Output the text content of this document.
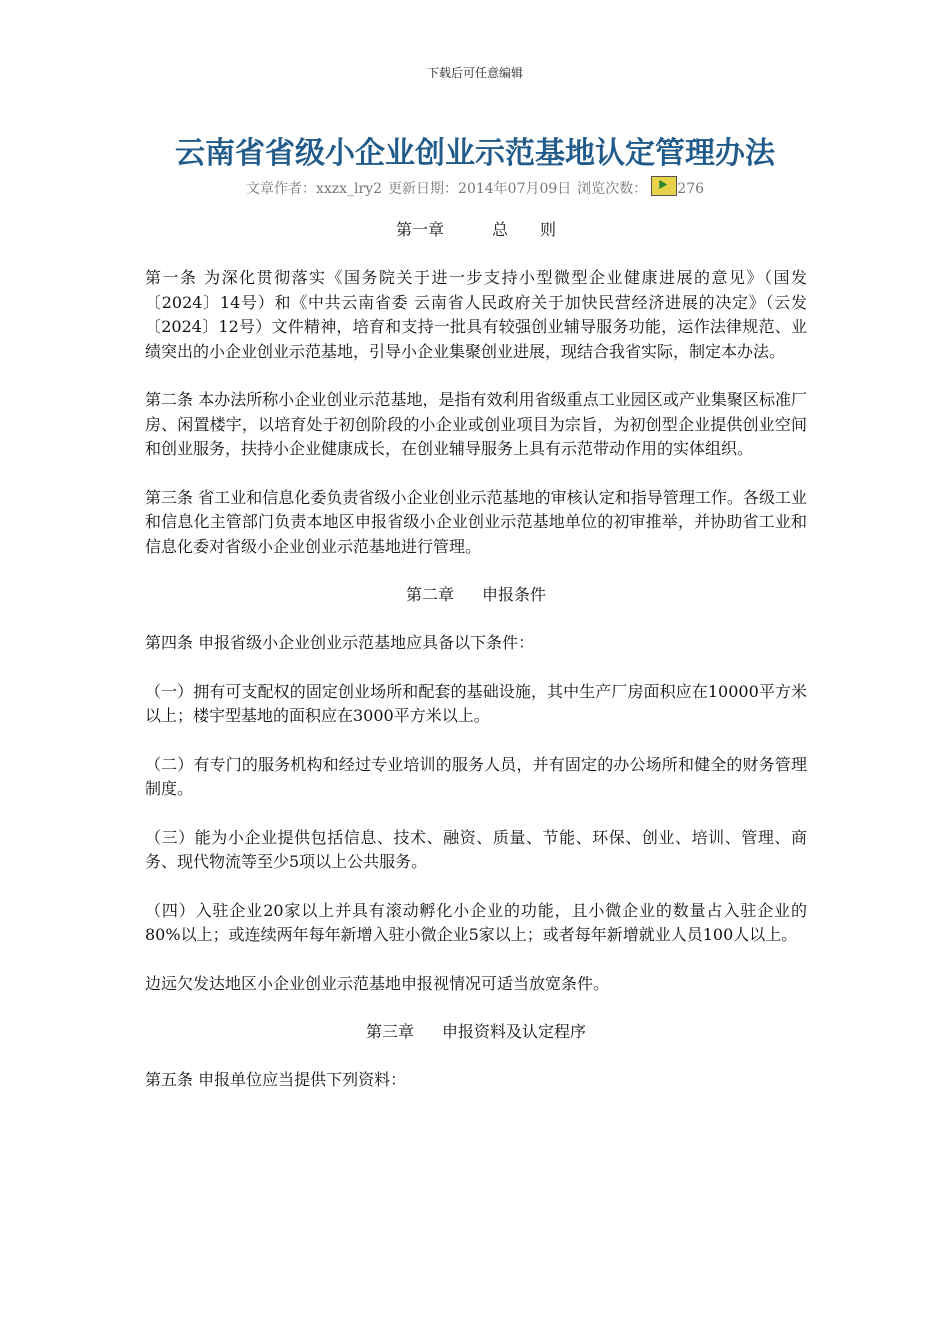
下载后可任意编辑
云南省省级小企业创业示范基地认定管理办法
文章作者：xxzx_lry2 更新日期：2014年07月09日 浏览次数： 276
第一章	总　　则

第一条 为深化贯彻落实《国务院关于进一步支持小型微型企业健康进展的意见》（国发〔2024〕14号）和《中共云南省委 云南省人民政府关于加快民营经济进展的决定》（云发〔2024〕12号）文件精神，培育和支持一批具有较强创业辅导服务功能，运作法律规范、业绩突出的小企业创业示范基地，引导小企业集聚创业进展，现结合我省实际，制定本办法。

第二条 本办法所称小企业创业示范基地，是指有效利用省级重点工业园区或产业集聚区标准厂房、闲置楼宇，以培育处于初创阶段的小企业或创业项目为宗旨，为初创型企业提供创业空间和创业服务，扶持小企业健康成长，在创业辅导服务上具有示范带动作用的实体组织。

第三条 省工业和信息化委负责省级小企业创业示范基地的审核认定和指导管理工作。各级工业和信息化主管部门负责本地区申报省级小企业创业示范基地单位的初审推举，并协助省工业和信息化委对省级小企业创业示范基地进行管理。

第二章 申报条件

第四条 申报省级小企业创业示范基地应具备以下条件：

（一）拥有可支配权的固定创业场所和配套的基础设施，其中生产厂房面积应在10000平方米以上；楼宇型基地的面积应在3000平方米以上。

（二）有专门的服务机构和经过专业培训的服务人员，并有固定的办公场所和健全的财务管理制度。

（三）能为小企业提供包括信息、技术、融资、质量、节能、环保、创业、培训、管理、商务、现代物流等至少5项以上公共服务。

（四）入驻企业20家以上并具有滚动孵化小企业的功能，且小微企业的数量占入驻企业的80%以上；或连续两年每年新增入驻小微企业5家以上；或者每年新增就业人员100人以上。

边远欠发达地区小企业创业示范基地申报视情况可适当放宽条件。

第三章 申报资料及认定程序

第五条 申报单位应当提供下列资料：
